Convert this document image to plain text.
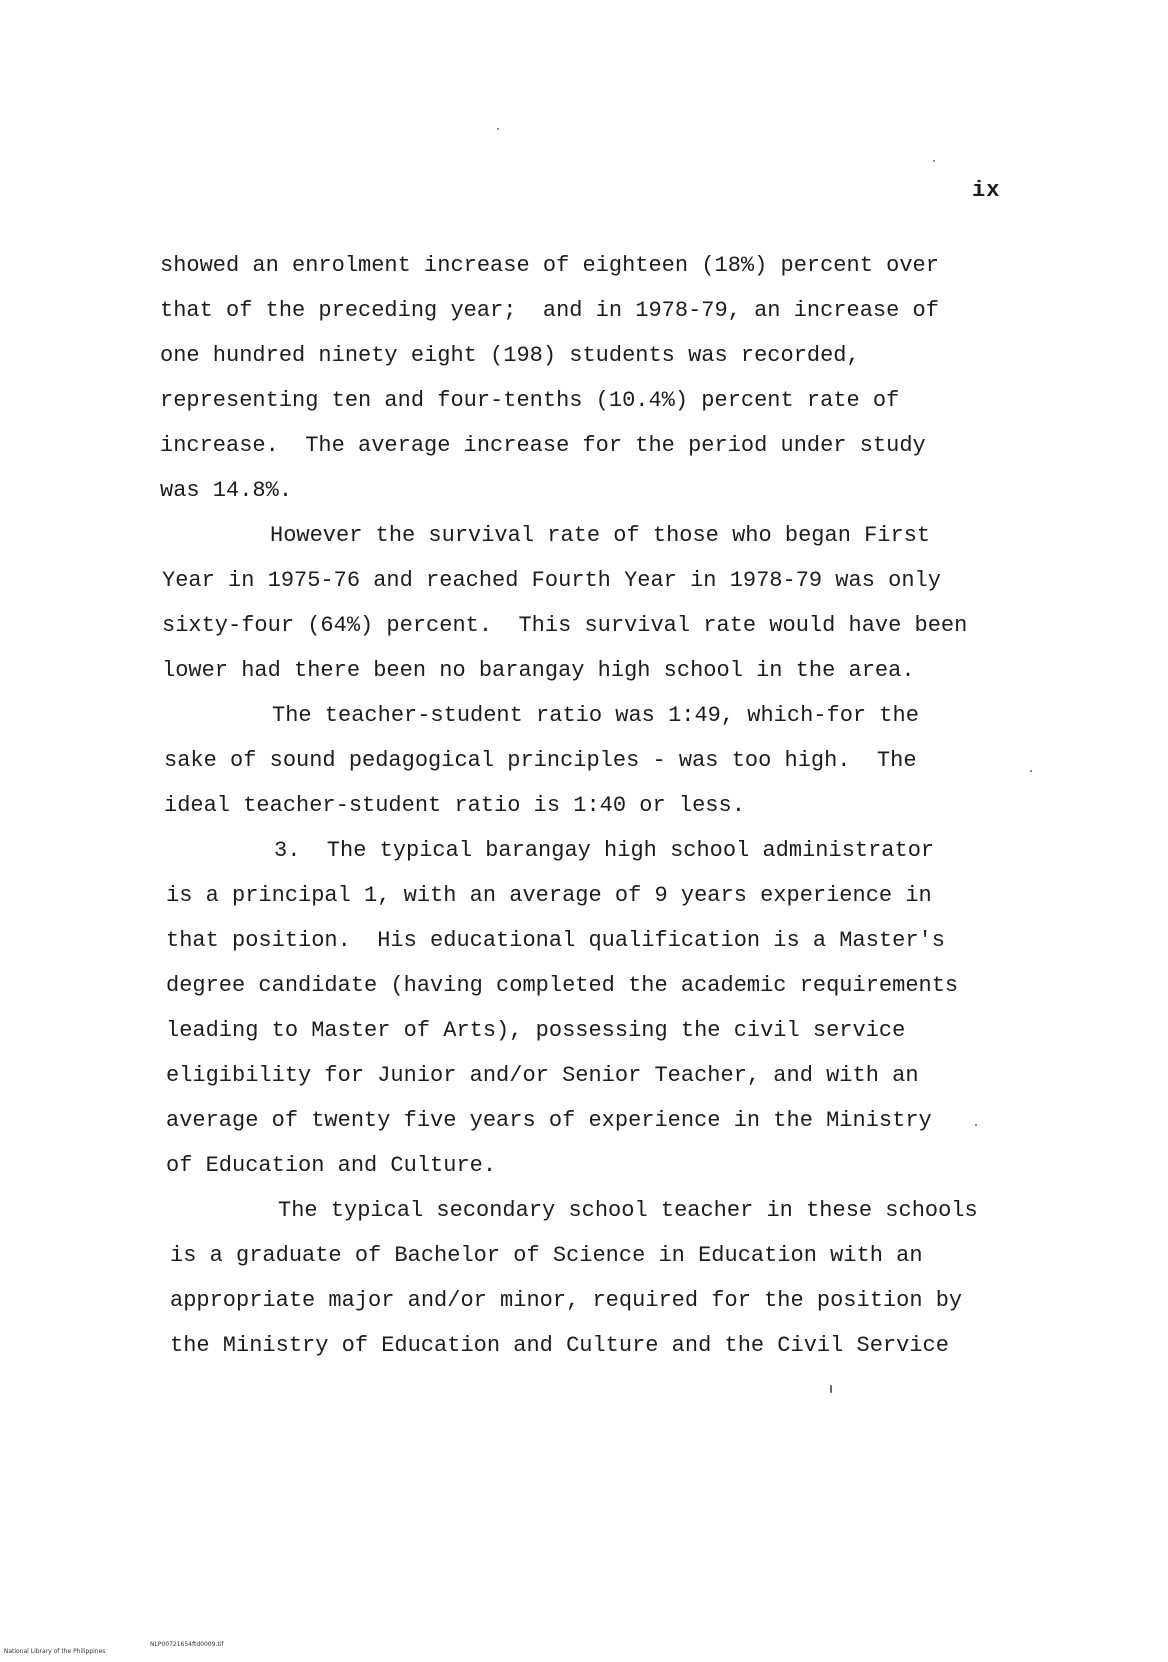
ix
showed an enrolment increase of eighteen (18%) percent over
that of the preceding year;  and in 1978-79, an increase of
one hundred ninety eight (198) students was recorded,
representing ten and four-tenths (10.4%) percent rate of
increase.  The average increase for the period under study
was 14.8%.
However the survival rate of those who began First
Year in 1975-76 and reached Fourth Year in 1978-79 was only
sixty-four (64%) percent.  This survival rate would have been
lower had there been no barangay high school in the area.
The teacher-student ratio was 1:49, which-for the
sake of sound pedagogical principles - was too high.  The
ideal teacher-student ratio is 1:40 or less.
3.  The typical barangay high school administrator
is a principal 1, with an average of 9 years experience in
that position.  His educational qualification is a Master's
degree candidate (having completed the academic requirements
leading to Master of Arts), possessing the civil service
eligibility for Junior and/or Senior Teacher, and with an
average of twenty five years of experience in the Ministry
of Education and Culture.
The typical secondary school teacher in these schools
is a graduate of Bachelor of Science in Education with an
appropriate major and/or minor, required for the position by
the Ministry of Education and Culture and the Civil Service

National Library of the Philippines

NLP00721654ftd0009.tif
